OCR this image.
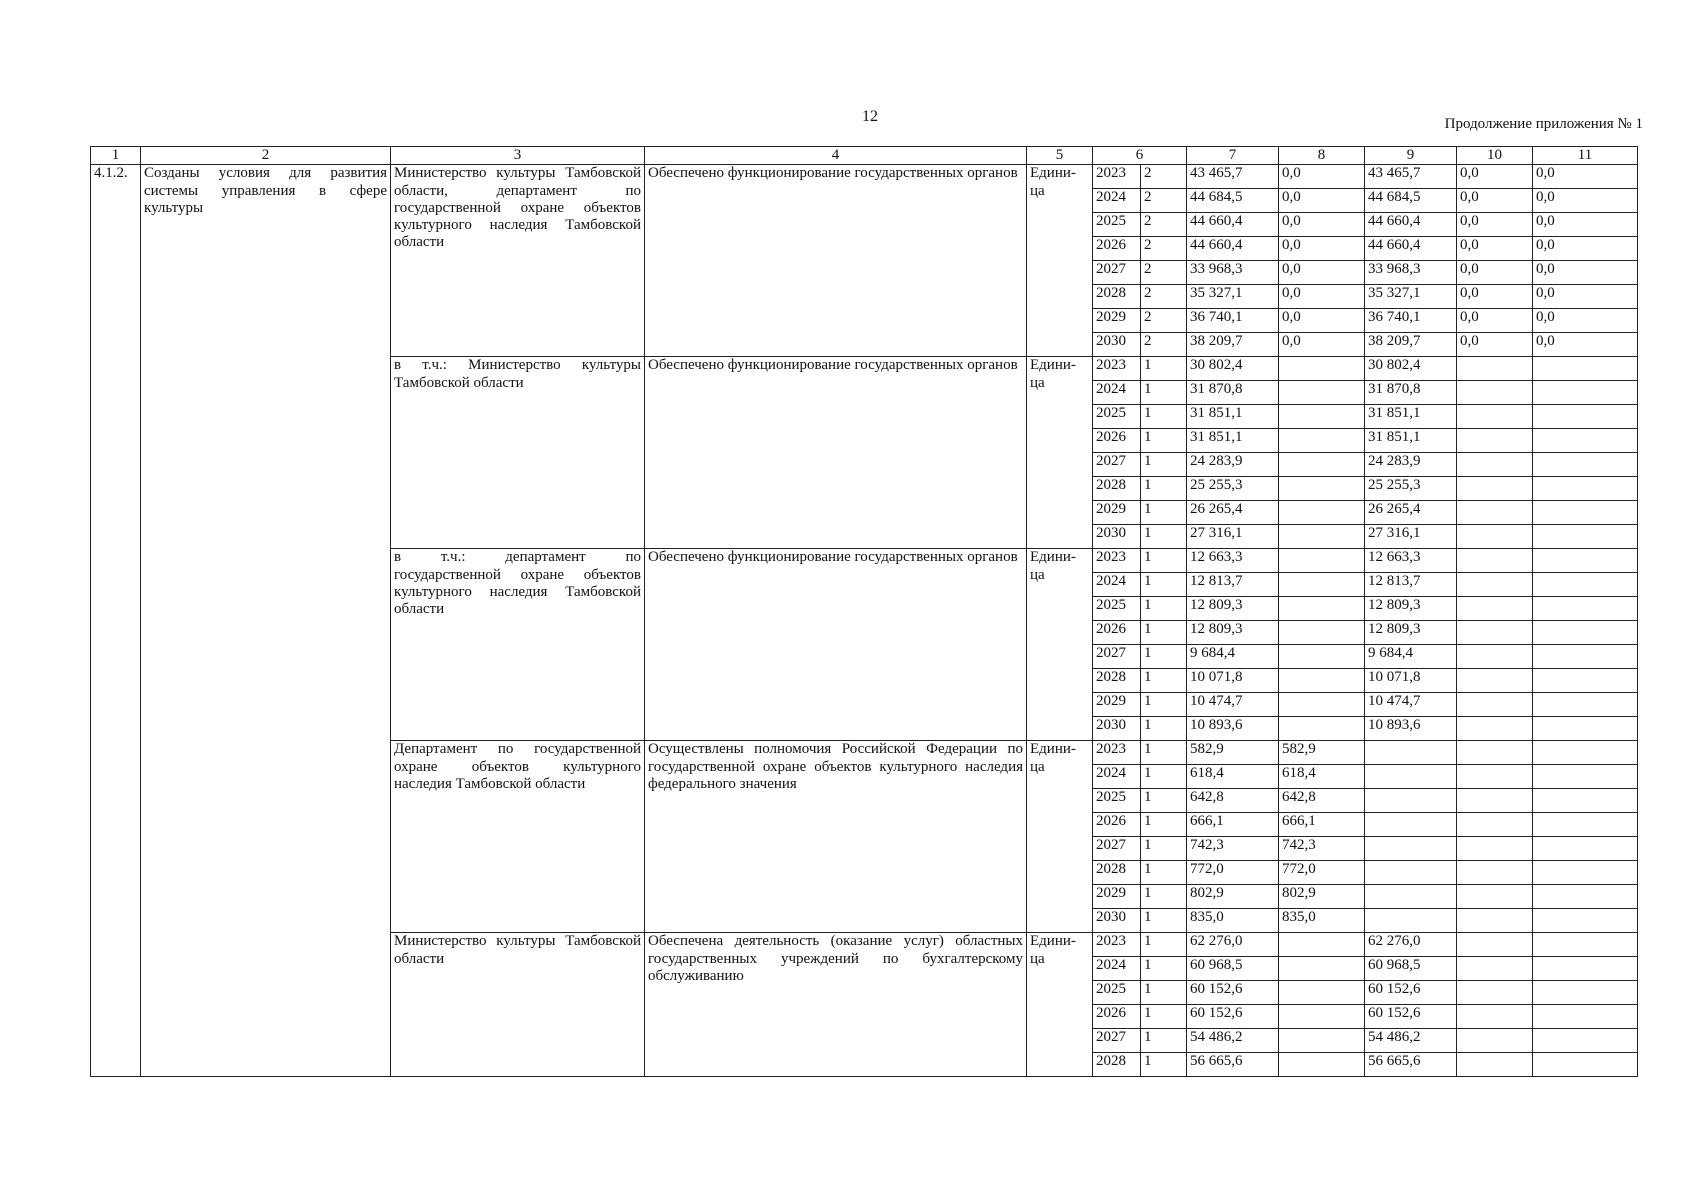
12	Продолжение приложения № 1
1	2	3	4	5	6		7	8	9	10	11
4.1.2.	Созданы условия для развития системы управления в сфере культуры	Министерство культуры Тамбовской области, департамент по государственной охране объектов культурного наследия Тамбовской области	Обеспечено функционирование государственных органов	Едини-ца	2023	2	43 465,7	0,0	43 465,7	0,0	0,0
					2024	2	44 684,5	0,0	44 684,5	0,0	0,0
					2025	2	44 660,4	0,0	44 660,4	0,0	0,0
					2026	2	44 660,4	0,0	44 660,4	0,0	0,0
					2027	2	33 968,3	0,0	33 968,3	0,0	0,0
					2028	2	35 327,1	0,0	35 327,1	0,0	0,0
					2029	2	36 740,1	0,0	36 740,1	0,0	0,0
					2030	2	38 209,7	0,0	38 209,7	0,0	0,0
		в т.ч.: Министерство культуры Тамбовской области	Обеспечено функционирование государственных органов	Едини-ца	2023	1	30 802,4		30 802,4		
					2024	1	31 870,8		31 870,8		
					2025	1	31 851,1		31 851,1		
					2026	1	31 851,1		31 851,1		
					2027	1	24 283,9		24 283,9		
					2028	1	25 255,3		25 255,3		
					2029	1	26 265,4		26 265,4		
					2030	1	27 316,1		27 316,1		
		в т.ч.: департамент по государственной охране объектов культурного наследия Тамбовской области	Обеспечено функционирование государственных органов	Едини-ца	2023	1	12 663,3		12 663,3		
					2024	1	12 813,7		12 813,7		
					2025	1	12 809,3		12 809,3		
					2026	1	12 809,3		12 809,3		
					2027	1	9 684,4		9 684,4		
					2028	1	10 071,8		10 071,8		
					2029	1	10 474,7		10 474,7		
					2030	1	10 893,6		10 893,6		
		Департамент по государственной охране объектов культурного наследия Тамбовской области	Осуществлены полномочия Российской Федерации по государственной охране объектов культурного наследия федерального значения	Едини-ца	2023	1	582,9	582,9			
					2024	1	618,4	618,4			
					2025	1	642,8	642,8			
					2026	1	666,1	666,1			
					2027	1	742,3	742,3			
					2028	1	772,0	772,0			
					2029	1	802,9	802,9			
					2030	1	835,0	835,0			
		Министерство культуры Тамбовской области	Обеспечена деятельность (оказание услуг) областных государственных учреждений по бухгалтерскому обслуживанию	Едини-ца	2023	1	62 276,0		62 276,0		
					2024	1	60 968,5		60 968,5		
					2025	1	60 152,6		60 152,6		
					2026	1	60 152,6		60 152,6		
					2027	1	54 486,2		54 486,2		
					2028	1	56 665,6		56 665,6		
